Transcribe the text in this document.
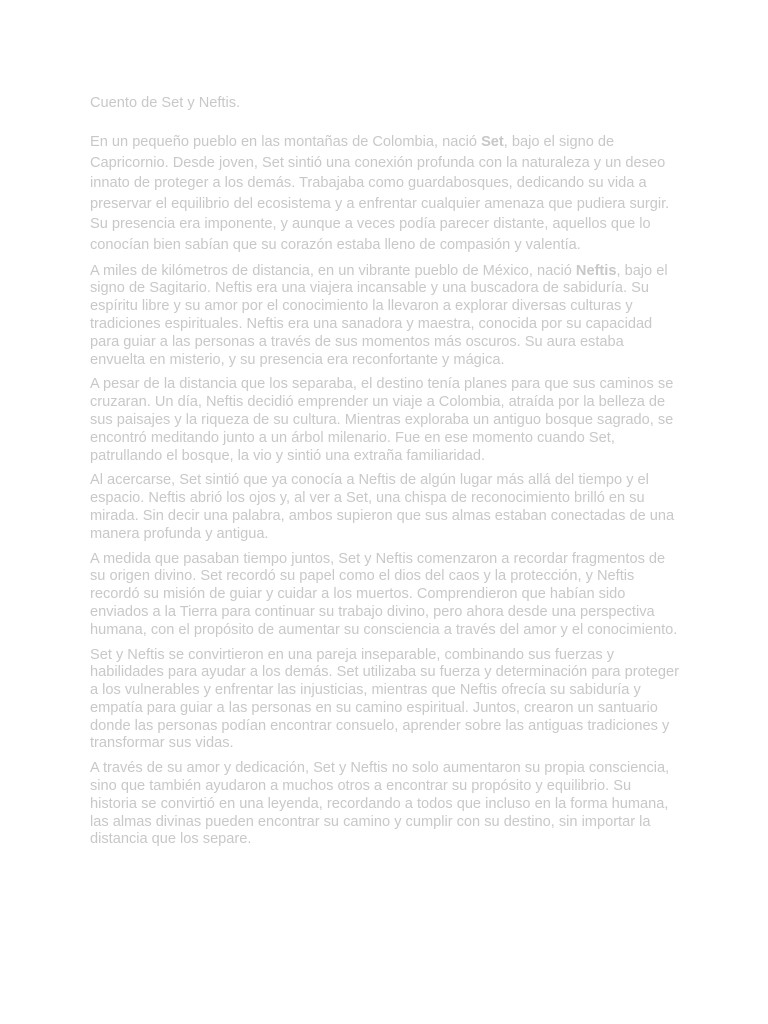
Cuento de Set y Neftis.

En un pequeño pueblo en las montañas de Colombia, nació Set, bajo el signo de Capricornio. Desde joven, Set sintió una conexión profunda con la naturaleza y un deseo innato de proteger a los demás. Trabajaba como guardabosques, dedicando su vida a preservar el equilibrio del ecosistema y a enfrentar cualquier amenaza que pudiera surgir. Su presencia era imponente, y aunque a veces podía parecer distante, aquellos que lo conocían bien sabían que su corazón estaba lleno de compasión y valentía.

A miles de kilómetros de distancia, en un vibrante pueblo de México, nació Neftis, bajo el signo de Sagitario. Neftis era una viajera incansable y una buscadora de sabiduría. Su espíritu libre y su amor por el conocimiento la llevaron a explorar diversas culturas y tradiciones espirituales. Neftis era una sanadora y maestra, conocida por su capacidad para guiar a las personas a través de sus momentos más oscuros. Su aura estaba envuelta en misterio, y su presencia era reconfortante y mágica.

A pesar de la distancia que los separaba, el destino tenía planes para que sus caminos se cruzaran. Un día, Neftis decidió emprender un viaje a Colombia, atraída por la belleza de sus paisajes y la riqueza de su cultura. Mientras exploraba un antiguo bosque sagrado, se encontró meditando junto a un árbol milenario. Fue en ese momento cuando Set, patrullando el bosque, la vio y sintió una extraña familiaridad.

Al acercarse, Set sintió que ya conocía a Neftis de algún lugar más allá del tiempo y el espacio. Neftis abrió los ojos y, al ver a Set, una chispa de reconocimiento brilló en su mirada. Sin decir una palabra, ambos supieron que sus almas estaban conectadas de una manera profunda y antigua.

A medida que pasaban tiempo juntos, Set y Neftis comenzaron a recordar fragmentos de su origen divino. Set recordó su papel como el dios del caos y la protección, y Neftis recordó su misión de guiar y cuidar a los muertos. Comprendieron que habían sido enviados a la Tierra para continuar su trabajo divino, pero ahora desde una perspectiva humana, con el propósito de aumentar su consciencia a través del amor y el conocimiento.

Set y Neftis se convirtieron en una pareja inseparable, combinando sus fuerzas y habilidades para ayudar a los demás. Set utilizaba su fuerza y determinación para proteger a los vulnerables y enfrentar las injusticias, mientras que Neftis ofrecía su sabiduría y empatía para guiar a las personas en su camino espiritual. Juntos, crearon un santuario donde las personas podían encontrar consuelo, aprender sobre las antiguas tradiciones y transformar sus vidas.

A través de su amor y dedicación, Set y Neftis no solo aumentaron su propia consciencia, sino que también ayudaron a muchos otros a encontrar su propósito y equilibrio. Su historia se convirtió en una leyenda, recordando a todos que incluso en la forma humana, las almas divinas pueden encontrar su camino y cumplir con su destino, sin importar la distancia que los separe.
